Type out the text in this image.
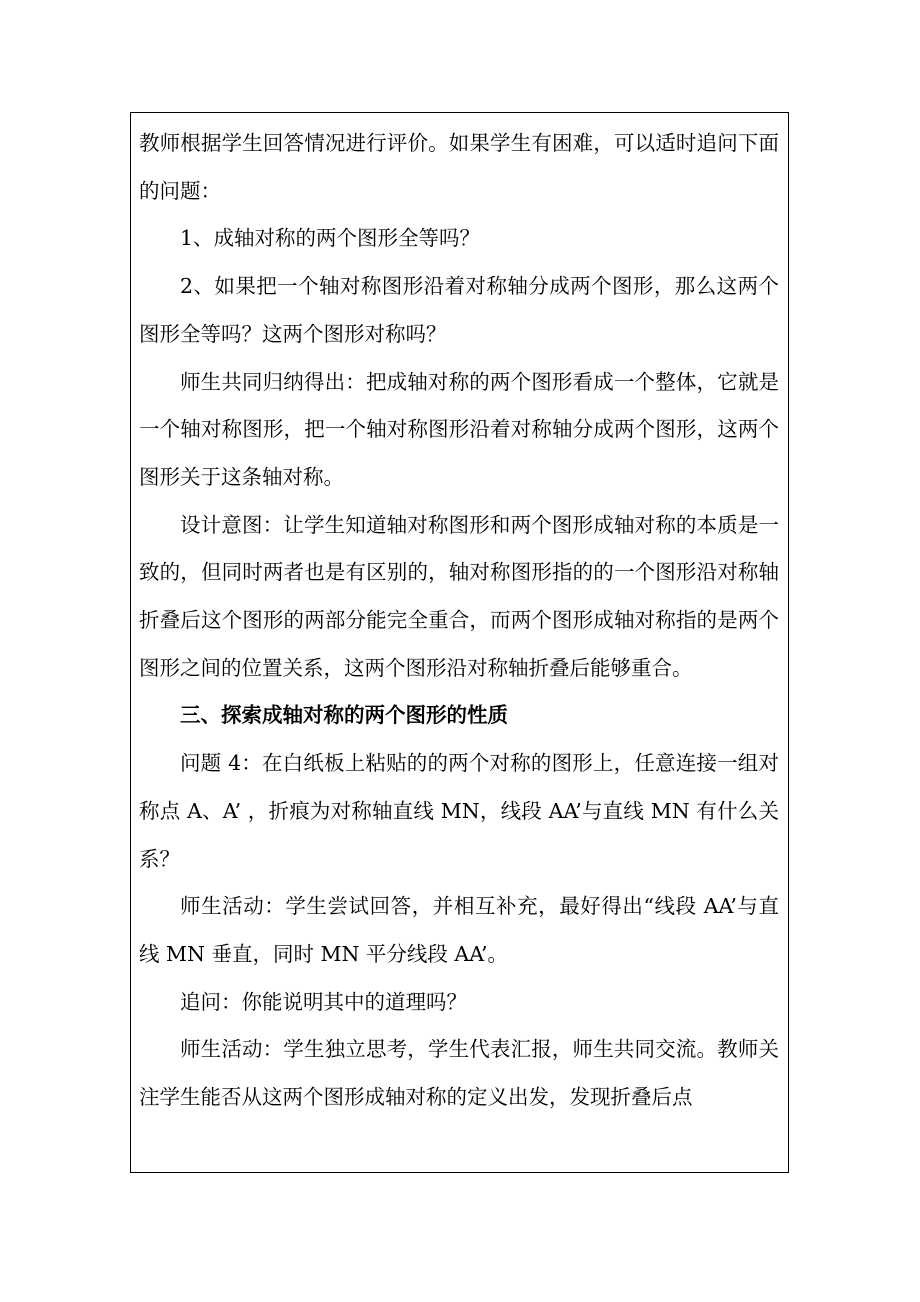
教师根据学生回答情况进行评价。如果学生有困难，可以适时追问下面的问题：

1、成轴对称的两个图形全等吗？

2、如果把一个轴对称图形沿着对称轴分成两个图形，那么这两个图形全等吗？这两个图形对称吗？

师生共同归纳得出：把成轴对称的两个图形看成一个整体，它就是一个轴对称图形，把一个轴对称图形沿着对称轴分成两个图形，这两个图形关于这条轴对称。

设计意图：让学生知道轴对称图形和两个图形成轴对称的本质是一致的，但同时两者也是有区别的，轴对称图形指的的一个图形沿对称轴折叠后这个图形的两部分能完全重合，而两个图形成轴对称指的是两个图形之间的位置关系，这两个图形沿对称轴折叠后能够重合。

三、探索成轴对称的两个图形的性质

问题 4：在白纸板上粘贴的的两个对称的图形上，任意连接一组对称点 A、A’ ，折痕为对称轴直线 MN，线段 AA’与直线 MN 有什么关系？

师生活动：学生尝试回答，并相互补充，最好得出“线段 AA’与直线 MN 垂直，同时 MN 平分线段 AA’。

追问：你能说明其中的道理吗？

师生活动：学生独立思考，学生代表汇报，师生共同交流。教师关注学生能否从这两个图形成轴对称的定义出发，发现折叠后点
